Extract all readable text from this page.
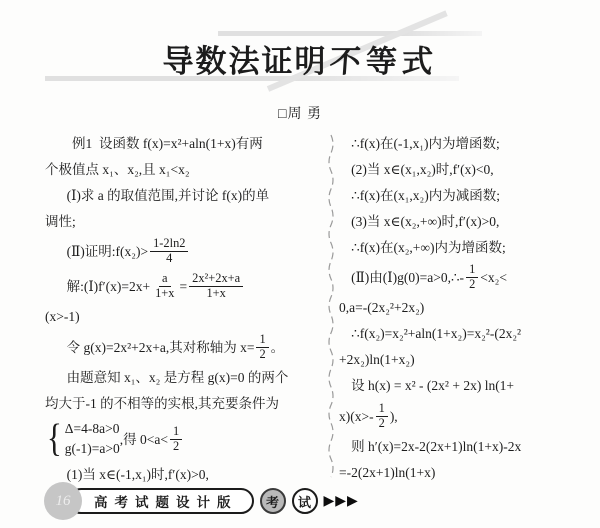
导数法证明不等式
□周 勇
例1  设函数 f(x)=x²+aln(1+x)有两
个极值点 x₁、x₂,且 x₁<x₂
(Ⅰ)求 a 的取值范围,并讨论 f(x)的单
调性;
(Ⅱ)证明:f(x₂)> $\frac{1-2\ln 2}{4}$
解:(Ⅰ)f′(x)=2x+ $\frac{a}{1+x} = \frac{\text{2x²+2x+a}}{1+x}$
(x>-1)
令 g(x)=2x²+2x+a,其对称轴为 $x= \frac{1}{2}$ 。
由题意知 x₁、x₂ 是方程 g(x)=0 的两个
均大于-1 的不相等的实根,其充要条件为
{ Δ=4-8a>0
g(-1)=a>0
,得 $0<a< \frac{1}{2}$
(1)当 x∈(-1,x₁)时,f′(x)>0,
∴f(x)在(-1,x₁)内为增函数;
(2)当 x∈(x₁,x₂)时,f′(x)<0,
∴f(x)在(x₁,x₂)内为减函数;
(3)当 x∈(x₂,+∞)时,f′(x)>0,
∴f(x)在(x₂,+∞)内为增函数;
(Ⅱ)由(Ⅰ)g(0)=a>0,∴- $\frac{1}{2} <x_2<$
0,a=-(2x₂²+2x₂)
∴f(x₂)=x₂²+aln(1+x₂)=x₂²-(2x₂²
+2x₂)ln(1+x₂)
设 h(x) = x² - (2x² + 2x) ln(1+
x)( $x>- \frac{1}{2}$ ),
则 h′(x)=2x-2(2x+1)ln(1+x)-2x
=-2(2x+1)ln(1+x)
16	高考试题设计版	考	试 ▶▶▶
